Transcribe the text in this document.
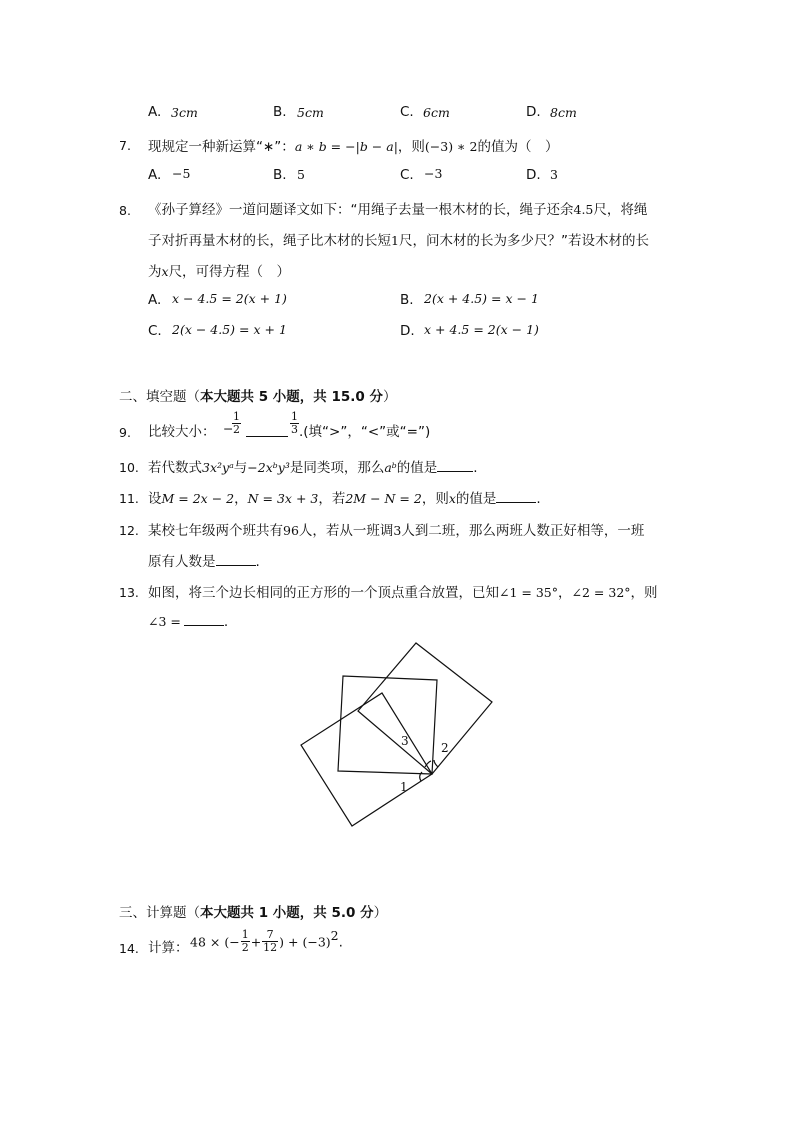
A. 3cm	B. 5cm	C. 6cm	D. 8cm
7. 现规定一种新运算“∗”：a ∗ b = −|b − a|，则(−3) ∗ 2的值为（　）
A. −5	B. 5	C. −3	D. 3
8. 《孙子算经》一道问题译文如下：“用绳子去量一根木材的长，绳子还余4.5尺，将绳
子对折再量木材的长，绳子比木材的长短1尺，问木材的长为多少尺？”若设木材的长
为x尺，可得方程（　）
A. x − 4.5 = 2(x + 1)	B. 2(x + 4.5) = x − 1
C. 2(x − 4.5) = x + 1	D. x + 4.5 = 2(x − 1)
二、填空题（本大题共 5 小题，共 15.0 分）
9. 比较大小： −
$\frac{1}{2}$	$\frac{1}{3}$ .(填“>”，“<”或“=”)
10. 若代数式3x²yᵃ与−2xᵇy³是同类项，那么aᵇ的值是	.
11. 设M = 2x − 2，N = 3x + 3，若2M − N = 2，则x的值是	.
12. 某校七年级两个班共有96人，若从一班调3人到二班，那么两班人数正好相等，一班
原有人数是	.
13. 如图，将三个边长相同的正方形的一个顶点重合放置，已知∠1 = 35°，∠2 = 32°，则
∠3 =	.
1
2
3
三、计算题（本大题共 1 小题，共 5.0 分）
14. 计算： 48 × (− $\frac{1}{2} + \frac{7}{12}$ ) + $(-3)^2$.
